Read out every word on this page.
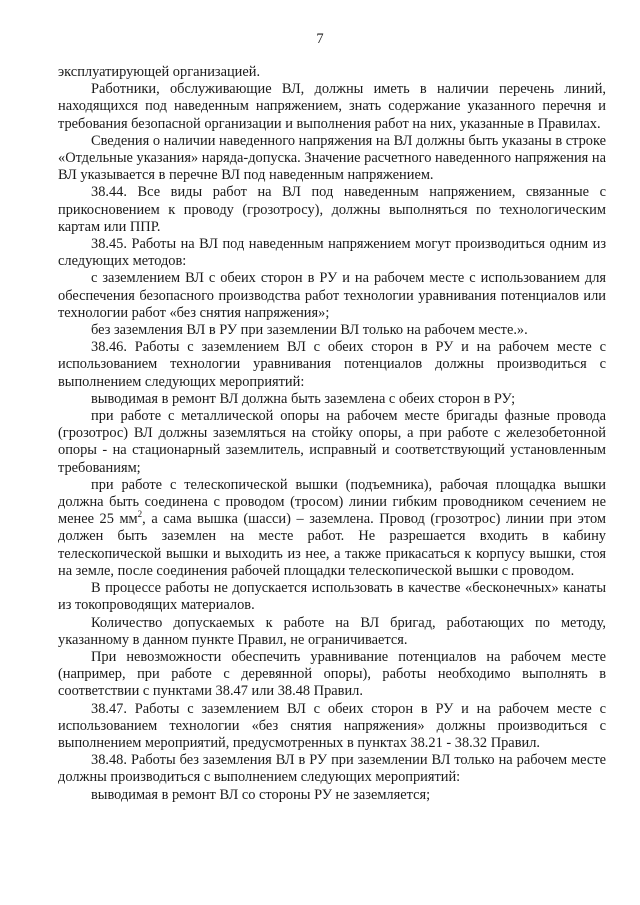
7

эксплуатирующей организацией.

Работники, обслуживающие ВЛ, должны иметь в наличии перечень линий, находящихся под наведенным напряжением, знать содержание указанного перечня и требования безопасной организации и выполнения работ на них, указанные в Правилах.

Сведения о наличии наведенного напряжения на ВЛ должны быть указаны в строке «Отдельные указания» наряда-допуска. Значение расчетного наведенного напряжения на ВЛ указывается в перечне ВЛ под наведенным напряжением.

38.44. Все виды работ на ВЛ под наведенным напряжением, связанные с прикосновением к проводу (грозотросу), должны выполняться по технологическим картам или ППР.

38.45. Работы на ВЛ под наведенным напряжением могут производиться одним из следующих методов:

с заземлением ВЛ с обеих сторон в РУ и на рабочем месте с использованием для обеспечения безопасного производства работ технологии уравнивания потенциалов или технологии работ «без снятия напряжения»;

без заземления ВЛ в РУ при заземлении ВЛ только на рабочем месте.».

38.46. Работы с заземлением ВЛ с обеих сторон в РУ и на рабочем месте с использованием технологии уравнивания потенциалов должны производиться с выполнением следующих мероприятий:

выводимая в ремонт ВЛ должна быть заземлена с обеих сторон в РУ;

при работе с металлической опоры на рабочем месте бригады фазные провода (грозотрос) ВЛ должны заземляться на стойку опоры, а при работе с железобетонной опоры - на стационарный заземлитель, исправный и соответствующий установленным требованиям;

при работе с телескопической вышки (подъемника), рабочая площадка вышки должна быть соединена с проводом (тросом) линии гибким проводником сечением не менее 25 $мм^2$, а сама вышка (шасси) – заземлена. Провод (грозотрос) линии при этом должен быть заземлен на месте работ. Не разрешается входить в кабину телескопической вышки и выходить из нее, а также прикасаться к корпусу вышки, стоя на земле, после соединения рабочей площадки телескопической вышки с проводом.

В процессе работы не допускается использовать в качестве «бесконечных» канаты из токопроводящих материалов.

Количество допускаемых к работе на ВЛ бригад, работающих по методу, указанному в данном пункте Правил, не ограничивается.

При невозможности обеспечить уравнивание потенциалов на рабочем месте (например, при работе с деревянной опоры), работы необходимо выполнять в соответствии с пунктами 38.47 или 38.48 Правил.

38.47. Работы с заземлением ВЛ с обеих сторон в РУ и на рабочем месте с использованием технологии «без снятия напряжения» должны производиться с выполнением мероприятий, предусмотренных в пунктах 38.21 - 38.32 Правил.

38.48. Работы без заземления ВЛ в РУ при заземлении ВЛ только на рабочем месте должны производиться с выполнением следующих мероприятий:

выводимая в ремонт ВЛ со стороны РУ не заземляется;
